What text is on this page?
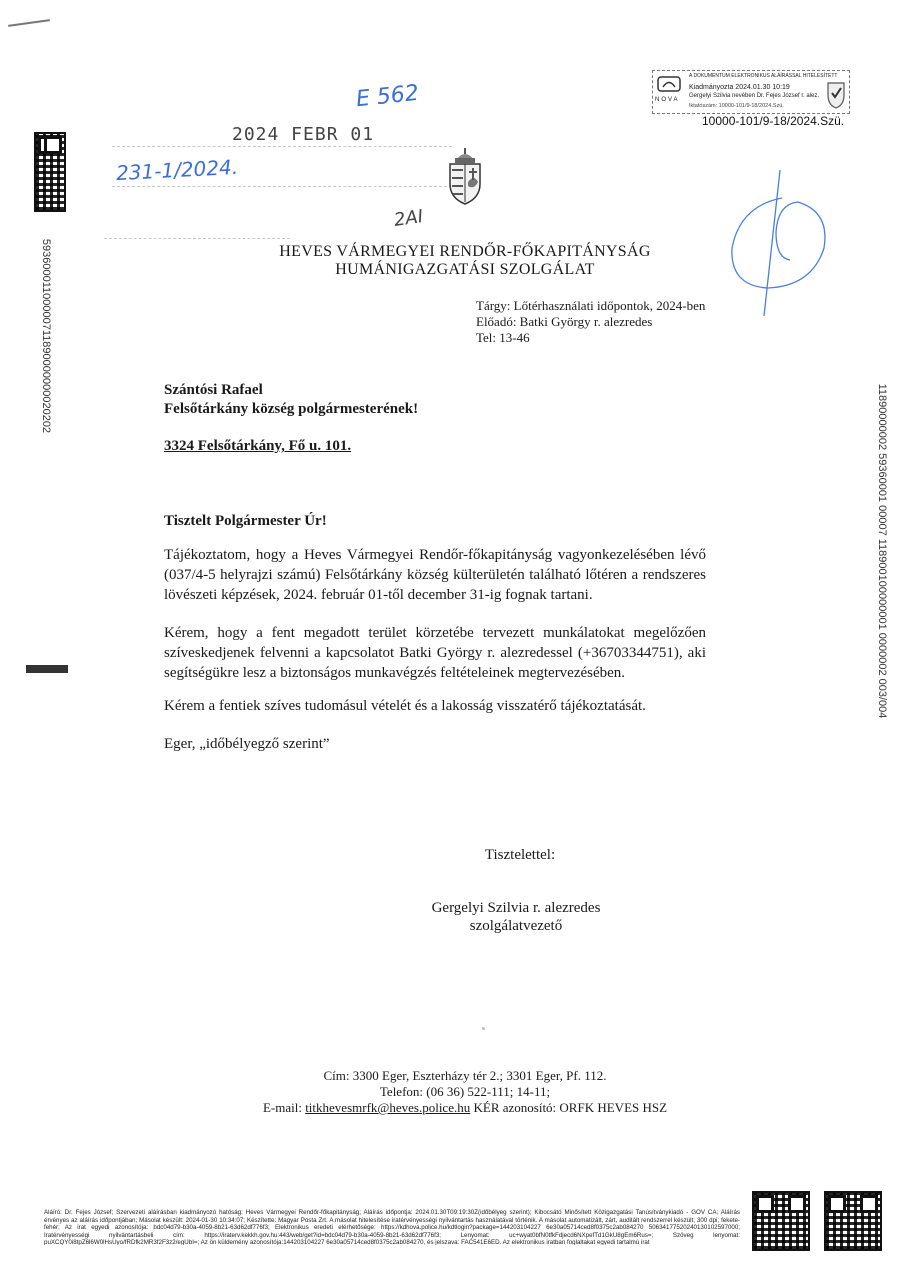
59360001100000711890000000020202
11890000002 59360001 00007 118900100000001 0000002 003/004
E 562
2024 FEBR 01
231-1/2024.
2AI
NOVA
A DOKUMENTUM ELEKTRONIKUS ALÁÍRÁSSAL HITELESÍTETT
Kiadmányozta 2024.01.30 10:19
Gergelyi Szilvia nevében Dr. Fejes József r. alez.
Iktatószám: 10000-101/9-18/2024.Szü.
10000-101/9-18/2024.Szü.
HEVES VÁRMEGYEI RENDŐR-FŐKAPITÁNYSÁG
HUMÁNIGAZGATÁSI SZOLGÁLAT
Tárgy: Lőtérhasználati időpontok, 2024-ben
Előadó: Batki György r. alezredes
Tel: 13-46
Szántósi Rafael
Felsőtárkány község polgármesterének!
3324 Felsőtárkány, Fő u. 101.
Tisztelt Polgármester Úr!
Tájékoztatom, hogy a Heves Vármegyei Rendőr-főkapitányság vagyonkezelésében lévő (037/4-5 helyrajzi számú) Felsőtárkány község külterületén található lőtéren a rendszeres lövészeti képzések, 2024. február 01-től december 31-ig fognak tartani.
Kérem, hogy a fent megadott terület körzetébe tervezett munkálatokat megelőzően szíveskedjenek felvenni a kapcsolatot Batki György r. alezredessel (+36703344751), aki segítségükre lesz a biztonságos munkavégzés feltételeinek megtervezésében.
Kérem a fentiek szíves tudomásul vételét és a lakosság visszatérő tájékoztatását.
Eger, „időbélyegző szerint”
Tisztelettel:
Gergelyi Szilvia r. alezredes
szolgálatvezető
Cím: 3300 Eger, Eszterházy tér 2.; 3301 Eger, Pf. 112.
Telefon: (06 36) 522-111; 14-11;
E-mail: titkhevesmrfk@heves.police.hu KÉR azonosító: ORFK HEVES HSZ
Aláíró: Dr. Fejes József; Szervezeti aláírásban kiadmányozó hatóság: Heves Vármegyei Rendőr-főkapitányság; Aláírás időpontja: 2024.01.30T09:19:30Z(időbélyeg szerint); Kibocsátó Minősített Közigazgatási Tanúsítványkiadó - GOV CA; Aláírás érvényes az aláírás időpontjában; Másolat készült: 2024-01-30 10:34:07; Készítette: Magyar Posta Zrt. A másolat hitelesítése iratérvényességi nyilvántartás használatával történik. A másolat automatizált, zárt, auditált rendszerrel készült; 300 dpi; fekete-fehér; Az irat egyedi azonosítója: bdc04d79-b30a-4059-8b21-63d62df776f3; Elektronikus eredeti elérhetősége: https://kdhova.police.hu/kdtlogin?package=144203104227 6e30a05714ced8f0375c2ab084270 50634177520240130102597000; Iratérvényességi nyilvántartásbeli cím: https://iraterv.kekkh.gov.hu:443/web/get?id=bdc04d79-b30a-4059-8b21-63d62df776f3; Lenyomat: uc+wyat0bfN0tfkFdjecd6NXpefTd1GkU8gEm6Rus=; Szöveg lenyomat: puXCQY0i8tpZ6l6W0lHsUyo/fRDfk2MR3f2F3z2/egUbI=; Az ön küldemény azonosítója:144203104227 6e30a05714ced8f0375c2ab084270, és jelszava: FAC541E6ED. Az elektronikus iratban foglaltakat egyedi tartalmú irat
